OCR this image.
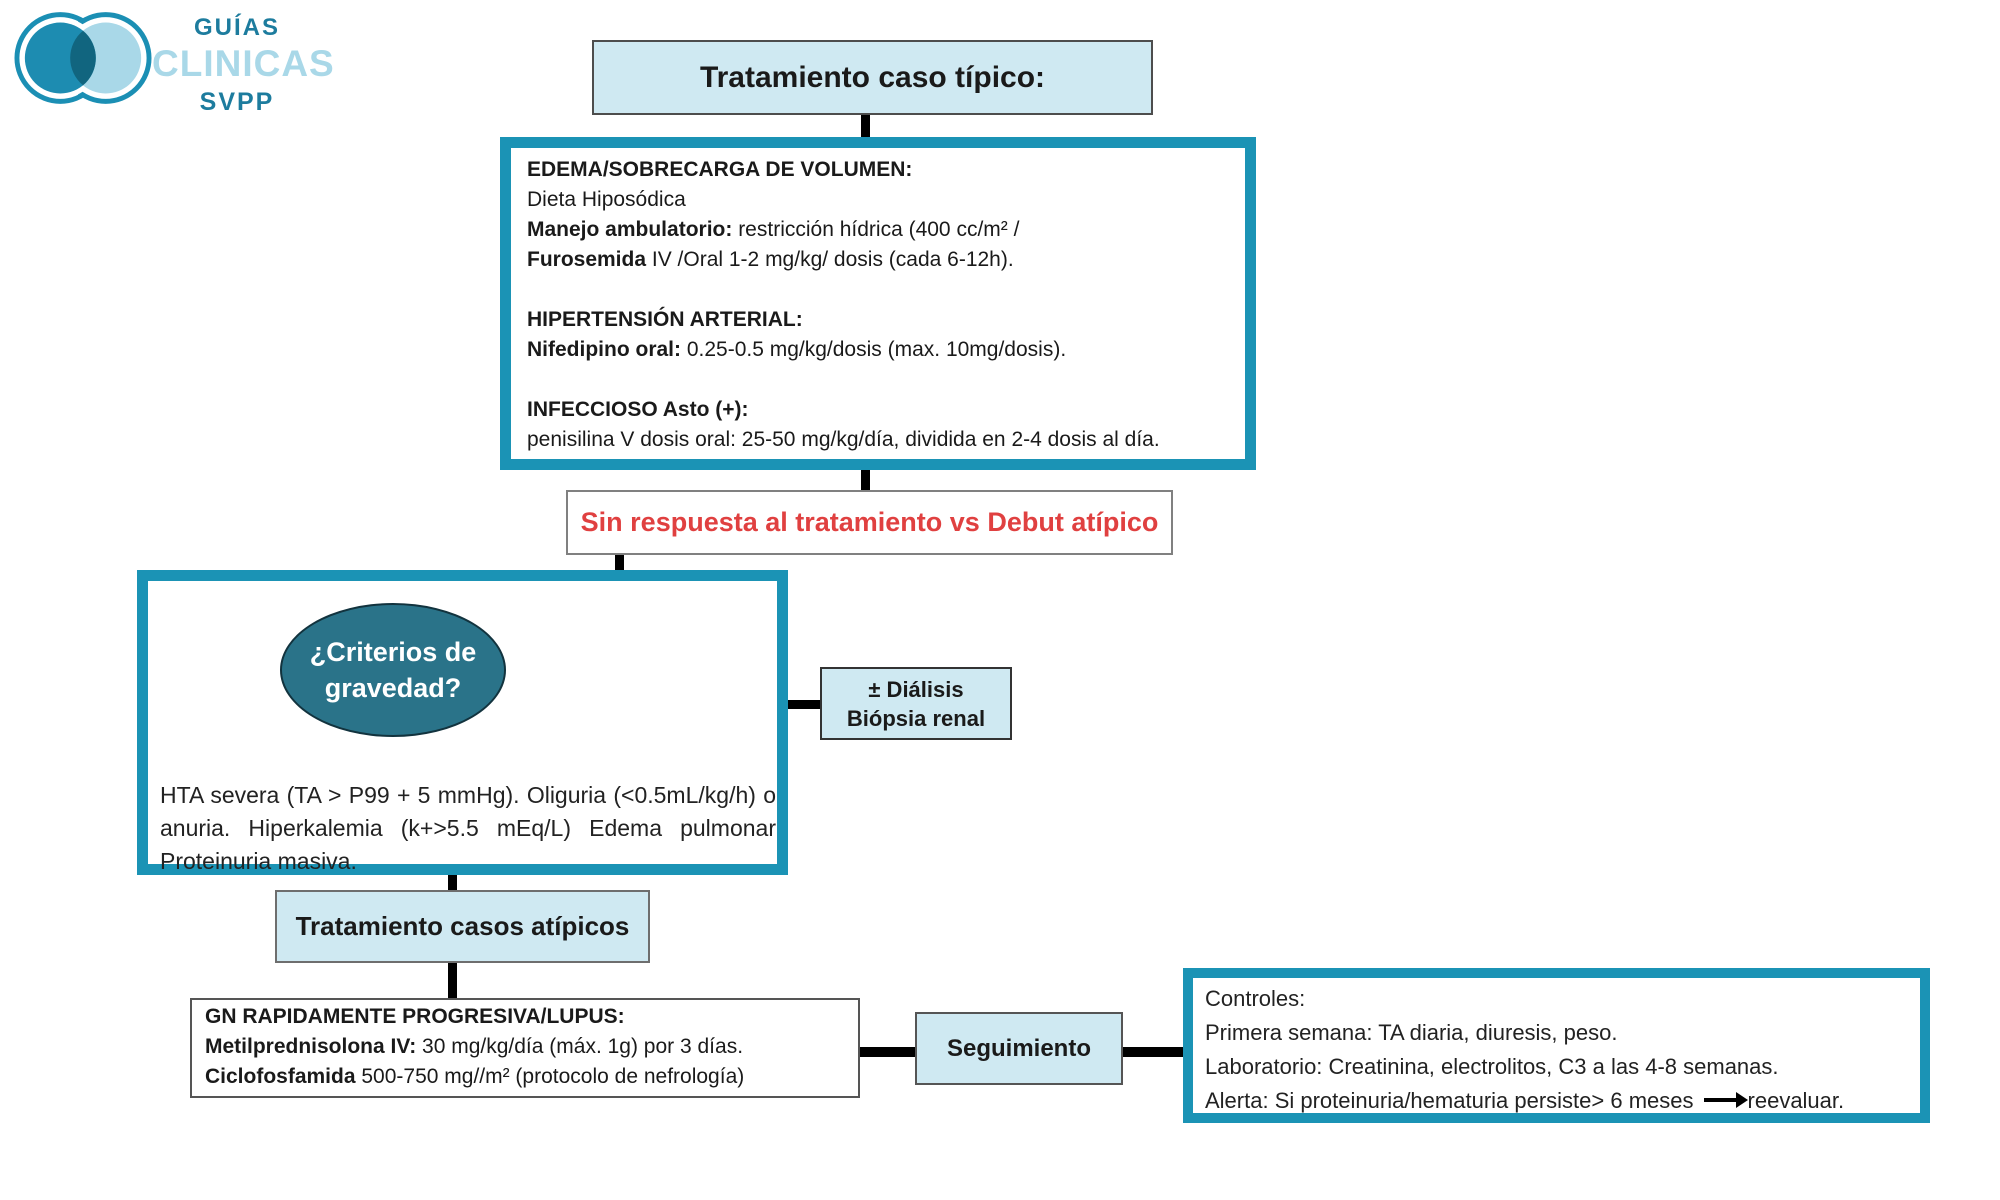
GUÍAS
CLINICAS
SVPP
Tratamiento caso típico:
EDEMA/SOBRECARGA DE VOLUMEN:
Dieta Hiposódica
Manejo ambulatorio: restricción hídrica (400 cc/m² /
Furosemida IV /Oral 1-2 mg/kg/ dosis (cada 6-12h).
HIPERTENSIÓN ARTERIAL:
Nifedipino oral: 0.25-0.5 mg/kg/dosis (max. 10mg/dosis).
INFECCIOSO Asto (+):
penisilina V dosis oral: 25-50 mg/kg/día, dividida en 2-4 dosis al día.
Sin respuesta al tratamiento vs Debut atípico
¿Criterios de
gravedad?
HTA severa (TA > P99 + 5 mmHg). Oliguria (<0.5mL/kg/h) o anuria. Hiperkalemia (k+>5.5 mEq/L) Edema pulmonar Proteinuria masiva.
± Diálisis
Biópsia renal
Tratamiento casos atípicos
GN RAPIDAMENTE PROGRESIVA/LUPUS:
Metilprednisolona IV: 30 mg/kg/día (máx. 1g) por 3 días.
Ciclofosfamida 500-750 mg//m² (protocolo de nefrología)
Seguimiento
Controles:
Primera semana: TA diaria, diuresis, peso.
Laboratorio: Creatinina, electrolitos, C3 a las 4-8 semanas.
Alerta: Si proteinuria/hematuria persiste> 6 meses reevaluar.
